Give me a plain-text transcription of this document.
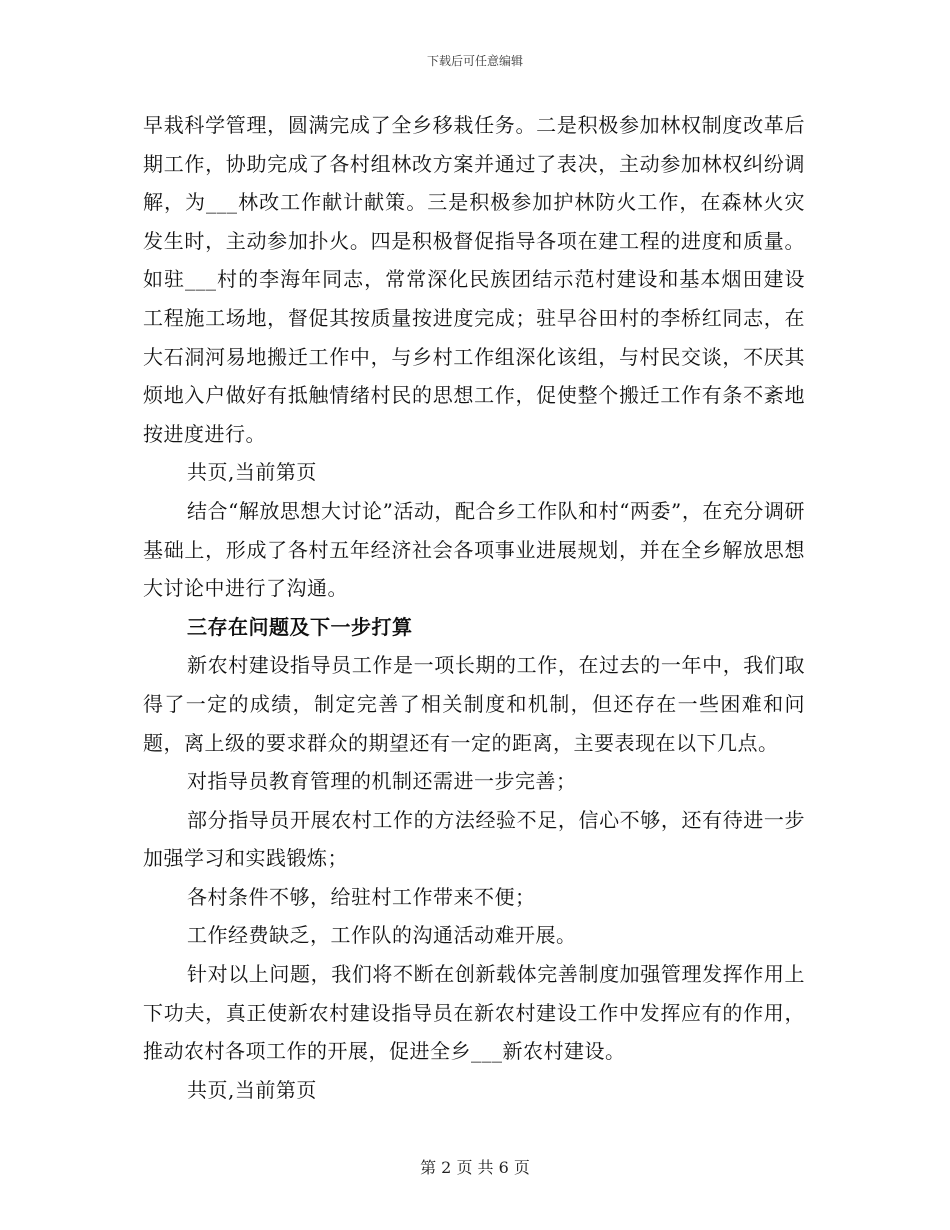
下载后可任意编辑

早栽科学管理，圆满完成了全乡移栽任务。二是积极参加林权制度改革后期工作，协助完成了各村组林改方案并通过了表决，主动参加林权纠纷调解，为___林改工作献计献策。三是积极参加护林防火工作，在森林火灾发生时，主动参加扑火。四是积极督促指导各项在建工程的进度和质量。如驻___村的李海年同志，常常深化民族团结示范村建设和基本烟田建设工程施工场地，督促其按质量按进度完成；驻早谷田村的李桥红同志，在大石洞河易地搬迁工作中，与乡村工作组深化该组，与村民交谈，不厌其烦地入户做好有抵触情绪村民的思想工作，促使整个搬迁工作有条不紊地按进度进行。

共页,当前第页

结合“解放思想大讨论”活动，配合乡工作队和村“两委”，在充分调研基础上，形成了各村五年经济社会各项事业进展规划，并在全乡解放思想大讨论中进行了沟通。

三存在问题及下一步打算

新农村建设指导员工作是一项长期的工作，在过去的一年中，我们取得了一定的成绩，制定完善了相关制度和机制，但还存在一些困难和问题，离上级的要求群众的期望还有一定的距离，主要表现在以下几点。

对指导员教育管理的机制还需进一步完善；

部分指导员开展农村工作的方法经验不足，信心不够，还有待进一步加强学习和实践锻炼；

各村条件不够，给驻村工作带来不便；

工作经费缺乏，工作队的沟通活动难开展。

针对以上问题，我们将不断在创新载体完善制度加强管理发挥作用上下功夫，真正使新农村建设指导员在新农村建设工作中发挥应有的作用，推动农村各项工作的开展，促进全乡___新农村建设。

共页,当前第页

第 2 页 共 6 页
